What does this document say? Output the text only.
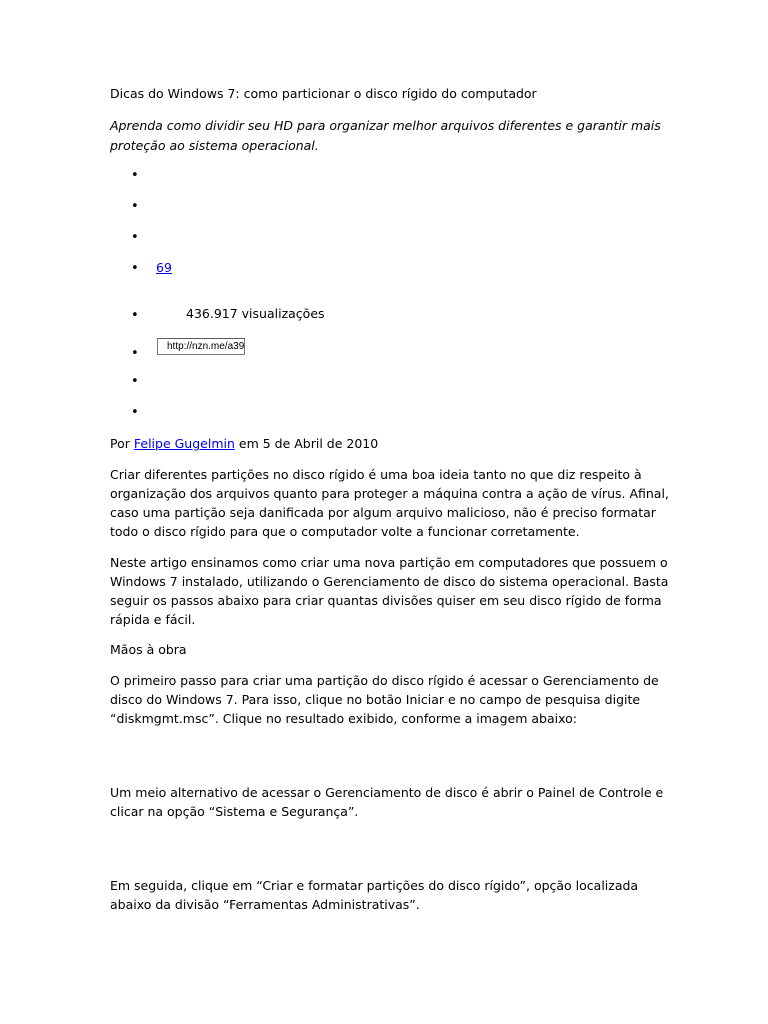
Dicas do Windows 7: como particionar o disco rígido do computador

Aprenda como dividir seu HD para organizar melhor arquivos diferentes e garantir mais proteção ao sistema operacional.

•
•
•
• 69
•	436.917 visualizações
•	http://nzn.me/a39
•
•

Por Felipe Gugelmin em 5 de Abril de 2010

Criar diferentes partições no disco rígido é uma boa ideia tanto no que diz respeito à organização dos arquivos quanto para proteger a máquina contra a ação de vírus. Afinal, caso uma partição seja danificada por algum arquivo malicioso, não é preciso formatar todo o disco rígido para que o computador volte a funcionar corretamente.

Neste artigo ensinamos como criar uma nova partição em computadores que possuem o Windows 7 instalado, utilizando o Gerenciamento de disco do sistema operacional. Basta seguir os passos abaixo para criar quantas divisões quiser em seu disco rígido de forma rápida e fácil.

Mãos à obra

O primeiro passo para criar uma partição do disco rígido é acessar o Gerenciamento de disco do Windows 7. Para isso, clique no botão Iniciar e no campo de pesquisa digite “diskmgmt.msc”. Clique no resultado exibido, conforme a imagem abaixo:

Um meio alternativo de acessar o Gerenciamento de disco é abrir o Painel de Controle e clicar na opção “Sistema e Segurança”.

Em seguida, clique em “Criar e formatar partições do disco rígido”, opção localizada abaixo da divisão “Ferramentas Administrativas”.
